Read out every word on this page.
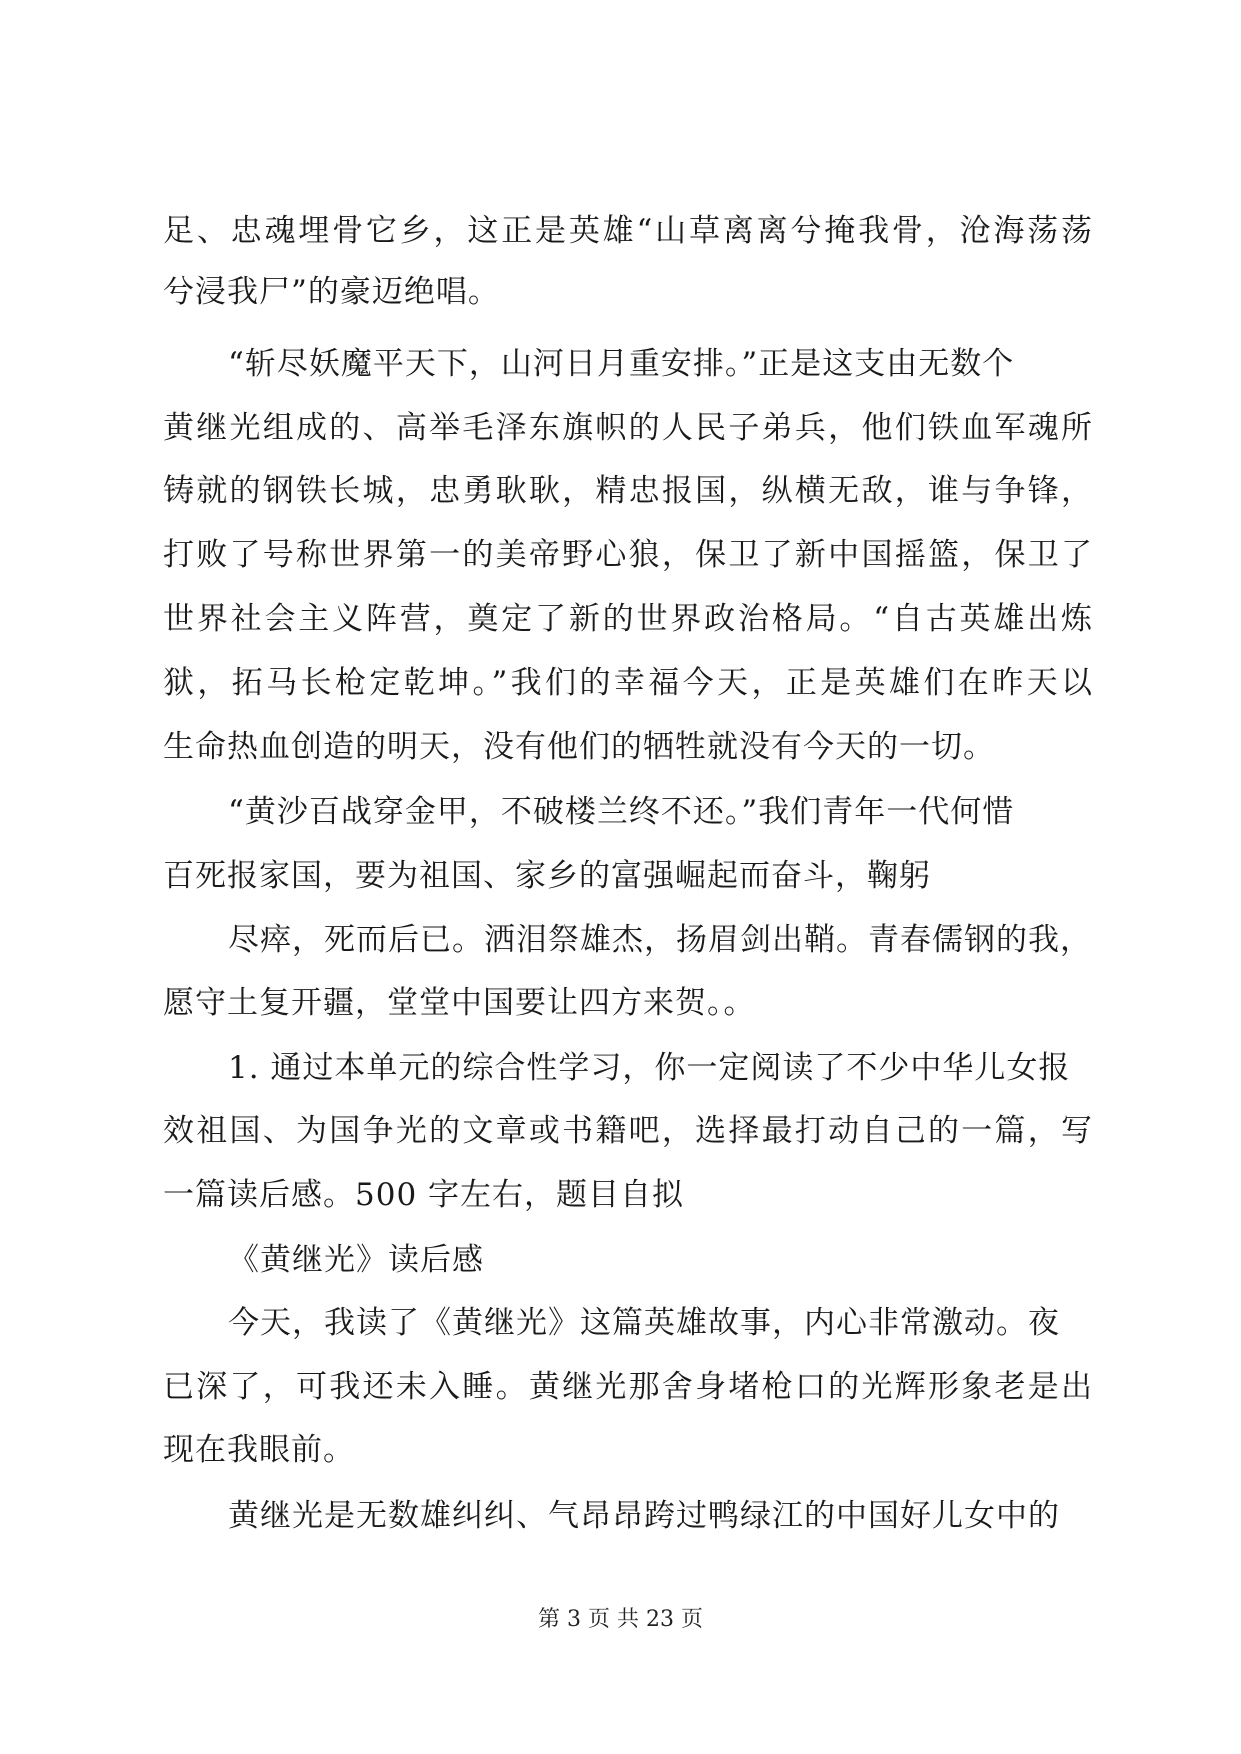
足、忠魂埋骨它乡，这正是英雄“山草离离兮掩我骨，沧海荡荡
兮浸我尸”的豪迈绝唱。
“斩尽妖魔平天下，山河日月重安排。”正是这支由无数个
黄继光组成的、高举毛泽东旗帜的人民子弟兵，他们铁血军魂所
铸就的钢铁长城，忠勇耿耿，精忠报国，纵横无敌，谁与争锋，
打败了号称世界第一的美帝野心狼，保卫了新中国摇篮，保卫了
世界社会主义阵营，奠定了新的世界政治格局。“自古英雄出炼
狱，拓马长枪定乾坤。”我们的幸福今天，正是英雄们在昨天以
生命热血创造的明天，没有他们的牺牲就没有今天的一切。
“黄沙百战穿金甲，不破楼兰终不还。”我们青年一代何惜
百死报家国，要为祖国、家乡的富强崛起而奋斗，鞠躬
尽瘁，死而后已。洒泪祭雄杰，扬眉剑出鞘。青春儒钢的我，
愿守土复开疆，堂堂中国要让四方来贺。。
1. 通过本单元的综合性学习，你一定阅读了不少中华儿女报
效祖国、为国争光的文章或书籍吧，选择最打动自己的一篇，写
一篇读后感。500 字左右，题目自拟
《黄继光》读后感
今天，我读了《黄继光》这篇英雄故事，内心非常激动。夜
已深了，可我还未入睡。黄继光那舍身堵枪口的光辉形象老是出
现在我眼前。
黄继光是无数雄纠纠、气昂昂跨过鸭绿江的中国好儿女中的
第 3 页 共 23 页
